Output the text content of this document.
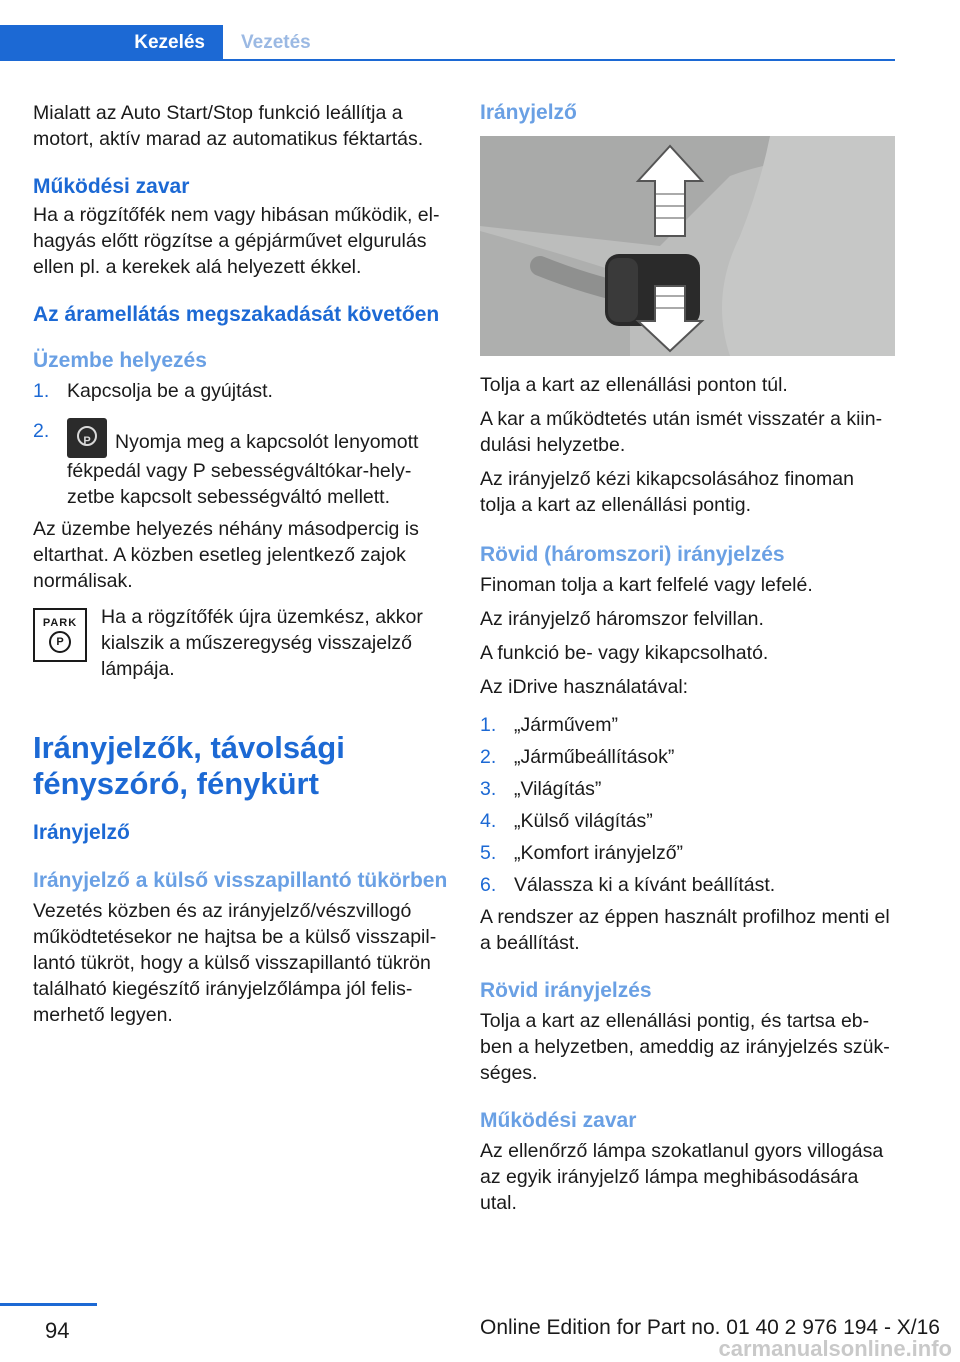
Kezelés	Vezetés

Mialatt az Auto Start/Stop funkció leállítja a motort, aktív marad az automatikus féktartás.

Működési zavar

Ha a rögzítőfék nem vagy hibásan működik, elhagyás előtt rögzítse a gépjárművet elgurulás ellen pl. a kerekek alá helyezett ékkel.

Az áramellátás megszakadását követően
Üzembe helyezés
1. Kapcsolja be a gyújtást.
2.
P	Nyomja meg a kapcsolót lenyomott fékpedál vagy P sebességváltókar-helyzetbe kapcsolt sebességváltó mellett.

Az üzembe helyezés néhány másodpercig is eltarthat. A közben esetleg jelentkező zajok normálisak.

PARK
P

Ha a rögzítőfék újra üzemkész, akkor kialszik a műszeregység visszajelző lámpája.

Irányjelzők, távolsági fényszóró, fénykürt
Irányjelző
Irányjelző a külső visszapillantó tükörben

Vezetés közben és az irányjelző/vészvillogó működtetésekor ne hajtsa be a külső visszapillantó tükröt, hogy a külső visszapillantó tükrön található kiegészítő irányjelzőlámpa jól felismerhető legyen.

Irányjelző

Tolja a kart az ellenállási ponton túl.

A kar a működtetés után ismét visszatér a kiindulási helyzetbe.

Az irányjelző kézi kikapcsolásához finoman tolja a kart az ellenállási pontig.

Rövid (háromszori) irányjelzés

Finoman tolja a kart felfelé vagy lefelé.

Az irányjelző háromszor felvillan.

A funkció be- vagy kikapcsolható.

Az iDrive használatával:

1. „Járművem”
2. „Járműbeállítások”
3. „Világítás”
4. „Külső világítás”
5. „Komfort irányjelző”
6. Válassza ki a kívánt beállítást.

A rendszer az éppen használt profilhoz menti el a beállítást.

Rövid irányjelzés

Tolja a kart az ellenállási pontig, és tartsa ebben a helyzetben, ameddig az irányjelzés szükséges.

Működési zavar

Az ellenőrző lámpa szokatlanul gyors villogása az egyik irányjelző lámpa meghibásodására utal.

94	Online Edition for Part no. 01 40 2 976 194 - X/16
carmanualsonline.info
